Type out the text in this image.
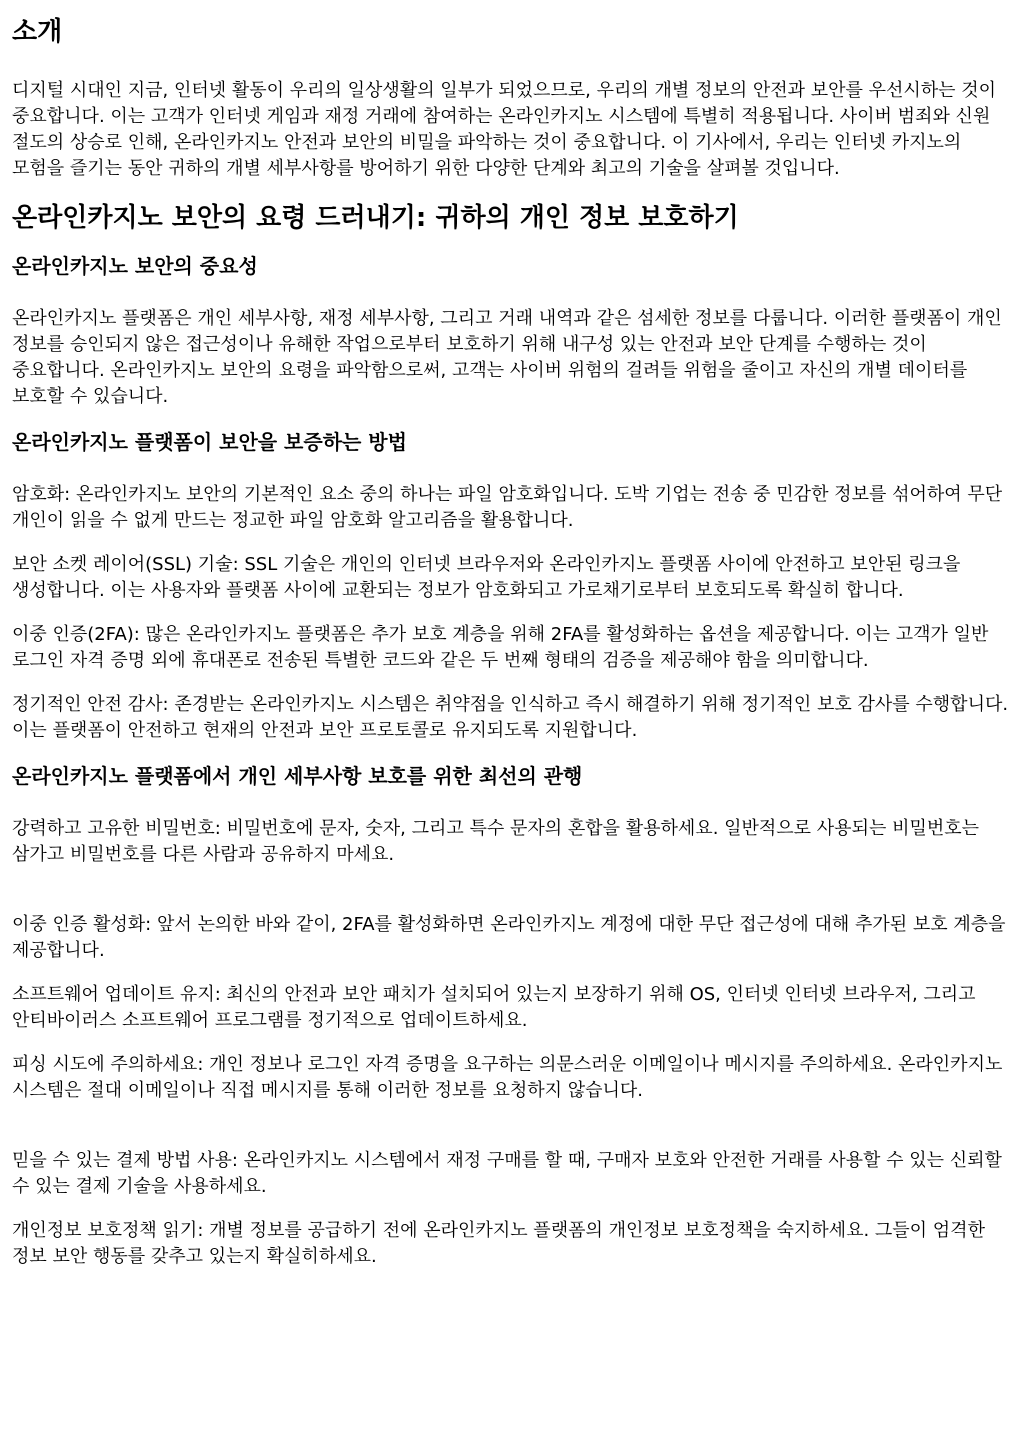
소개
디지털 시대인 지금, 인터넷 활동이 우리의 일상생활의 일부가 되었으므로, 우리의 개별 정보의 안전과 보안를 우선시하는 것이 중요합니다. 이는 고객가 인터넷 게임과 재정 거래에 참여하는 온라인카지노 시스템에 특별히 적용됩니다. 사이버 범죄와 신원 절도의 상승로 인해, 온라인카지노 안전과 보안의 비밀을 파악하는 것이 중요합니다. 이 기사에서, 우리는 인터넷 카지노의 모험을 즐기는 동안 귀하의 개별 세부사항를 방어하기 위한 다양한 단계와 최고의 기술을 살펴볼 것입니다.
온라인카지노 보안의 요령 드러내기: 귀하의 개인 정보 보호하기
온라인카지노 보안의 중요성
온라인카지노 플랫폼은 개인 세부사항, 재정 세부사항, 그리고 거래 내역과 같은 섬세한 정보를 다룹니다. 이러한 플랫폼이 개인 정보를 승인되지 않은 접근성이나 유해한 작업으로부터 보호하기 위해 내구성 있는 안전과 보안 단계를 수행하는 것이 중요합니다. 온라인카지노 보안의 요령을 파악함으로써, 고객는 사이버 위험의 걸려들 위험을 줄이고 자신의 개별 데이터를 보호할 수 있습니다.
온라인카지노 플랫폼이 보안을 보증하는 방법
암호화: 온라인카지노 보안의 기본적인 요소 중의 하나는 파일 암호화입니다. 도박 기업는 전송 중 민감한 정보를 섞어하여 무단 개인이 읽을 수 없게 만드는 정교한 파일 암호화 알고리즘을 활용합니다.
보안 소켓 레이어(SSL) 기술: SSL 기술은 개인의 인터넷 브라우저와 온라인카지노 플랫폼 사이에 안전하고 보안된 링크을 생성합니다. 이는 사용자와 플랫폼 사이에 교환되는 정보가 암호화되고 가로채기로부터 보호되도록 확실히 합니다.
이중 인증(2FA): 많은 온라인카지노 플랫폼은 추가 보호 계층을 위해 2FA를 활성화하는 옵션을 제공합니다. 이는 고객가 일반 로그인 자격 증명 외에 휴대폰로 전송된 특별한 코드와 같은 두 번째 형태의 검증을 제공해야 함을 의미합니다.
정기적인 안전 감사: 존경받는 온라인카지노 시스템은 취약점을 인식하고 즉시 해결하기 위해 정기적인 보호 감사를 수행합니다. 이는 플랫폼이 안전하고 현재의 안전과 보안 프로토콜로 유지되도록 지원합니다.
온라인카지노 플랫폼에서 개인 세부사항 보호를 위한 최선의 관행
강력하고 고유한 비밀번호: 비밀번호에 문자, 숫자, 그리고 특수 문자의 혼합을 활용하세요. 일반적으로 사용되는 비밀번호는 삼가고 비밀번호를 다른 사람과 공유하지 마세요.
이중 인증 활성화: 앞서 논의한 바와 같이, 2FA를 활성화하면 온라인카지노 계정에 대한 무단 접근성에 대해 추가된 보호 계층을 제공합니다.
소프트웨어 업데이트 유지: 최신의 안전과 보안 패치가 설치되어 있는지 보장하기 위해 OS, 인터넷 인터넷 브라우저, 그리고 안티바이러스 소프트웨어 프로그램를 정기적으로 업데이트하세요.
피싱 시도에 주의하세요: 개인 정보나 로그인 자격 증명을 요구하는 의문스러운 이메일이나 메시지를 주의하세요. 온라인카지노 시스템은 절대 이메일이나 직접 메시지를 통해 이러한 정보를 요청하지 않습니다.
믿을 수 있는 결제 방법 사용: 온라인카지노 시스템에서 재정 구매를 할 때, 구매자 보호와 안전한 거래를 사용할 수 있는 신뢰할 수 있는 결제 기술을 사용하세요.
개인정보 보호정책 읽기: 개별 정보를 공급하기 전에 온라인카지노 플랫폼의 개인정보 보호정책을 숙지하세요. 그들이 엄격한 정보 보안 행동를 갖추고 있는지 확실히하세요.
